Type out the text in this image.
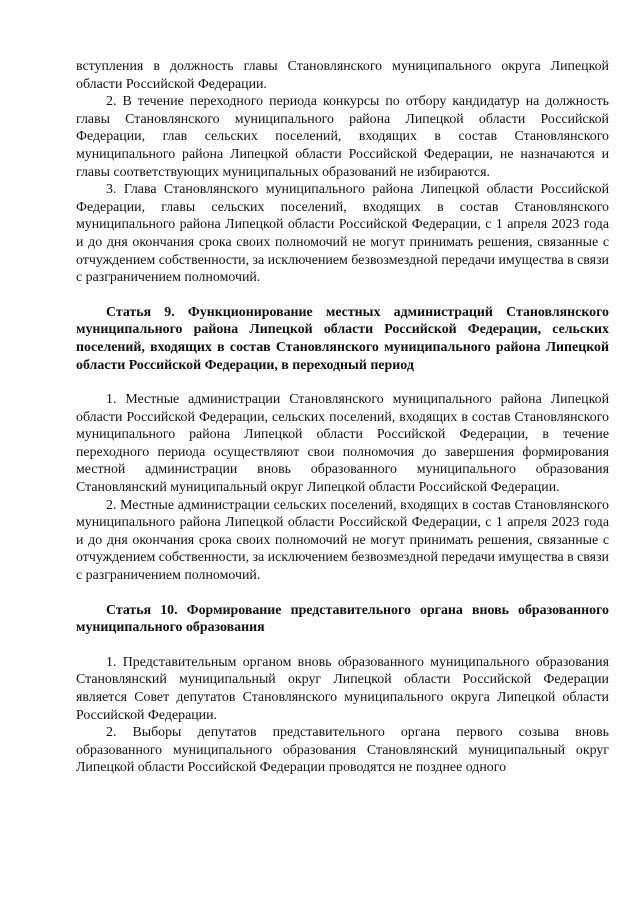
вступления в должность главы Становлянского муниципального округа Липецкой области Российской Федерации.

2. В течение переходного периода конкурсы по отбору кандидатур на должность главы Становлянского муниципального района Липецкой области Российской Федерации, глав сельских поселений, входящих в состав Становлянского муниципального района Липецкой области Российской Федерации, не назначаются и главы соответствующих муниципальных образований не избираются.

3. Глава Становлянского муниципального района Липецкой области Российской Федерации, главы сельских поселений, входящих в состав Становлянского муниципального района Липецкой области Российской Федерации, с 1 апреля 2023 года и до дня окончания срока своих полномочий не могут принимать решения, связанные с отчуждением собственности, за исключением безвозмездной передачи имущества в связи с разграничением полномочий.

Статья 9. Функционирование местных администраций Становлянского муниципального района Липецкой области Российской Федерации, сельских поселений, входящих в состав Становлянского муниципального района Липецкой области Российской Федерации, в переходный период

1. Местные администрации Становлянского муниципального района Липецкой области Российской Федерации, сельских поселений, входящих в состав Становлянского муниципального района Липецкой области Российской Федерации, в течение переходного периода осуществляют свои полномочия до завершения формирования местной администрации вновь образованного муниципального образования Становлянский муниципальный округ Липецкой области Российской Федерации.

2. Местные администрации сельских поселений, входящих в состав Становлянского муниципального района Липецкой области Российской Федерации, с 1 апреля 2023 года и до дня окончания срока своих полномочий не могут принимать решения, связанные с отчуждением собственности, за исключением безвозмездной передачи имущества в связи с разграничением полномочий.

Статья 10. Формирование представительного органа вновь образованного муниципального образования

1. Представительным органом вновь образованного муниципального образования Становлянский муниципальный округ Липецкой области Российской Федерации является Совет депутатов Становлянского муниципального округа Липецкой области Российской Федерации.

2. Выборы депутатов представительного органа первого созыва вновь образованного муниципального образования Становлянский муниципальный округ Липецкой области Российской Федерации проводятся не позднее одного
